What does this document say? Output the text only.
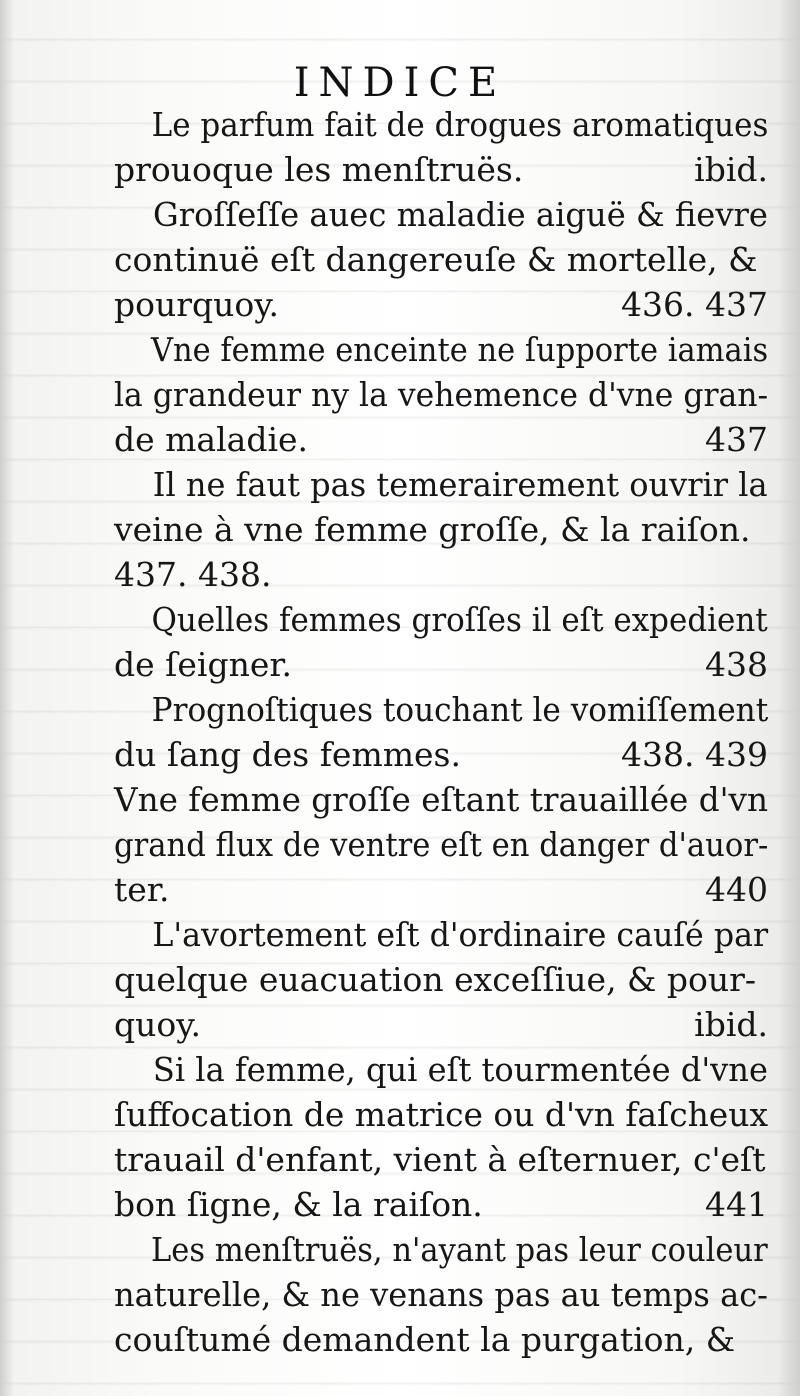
INDICE
Le parfum fait de drogues aromatiques
prouoque les menſtruës.	ibid.
Groſſeſſe auec maladie aiguë & fievre
continuë eſt dangereuſe & mortelle, &
pourquoy.	436. 437
Vne femme enceinte ne ſupporte iamais
la grandeur ny la vehemence d'vne gran-
de maladie.	437
Il ne faut pas temerairement ouvrir la
veine à vne femme groſſe, & la raiſon.
437. 438.
Quelles femmes groſſes il eſt expedient
de ſeigner.	438
Prognoſtiques touchant le vomiſſement
du ſang des femmes.	438. 439
Vne femme groſſe eſtant trauaillée d'vn
grand flux de ventre eſt en danger d'auor-
ter.	440
L'avortement eſt d'ordinaire cauſé par
quelque euacuation exceſſiue, & pour-
quoy.	ibid.
Si la femme, qui eſt tourmentée d'vne
ſuffocation de matrice ou d'vn faſcheux
trauail d'enfant, vient à eſternuer, c'eſt
bon ſigne, & la raiſon.	441
Les menſtruës, n'ayant pas leur couleur
naturelle, & ne venans pas au temps ac-
couſtumé demandent la purgation, &
